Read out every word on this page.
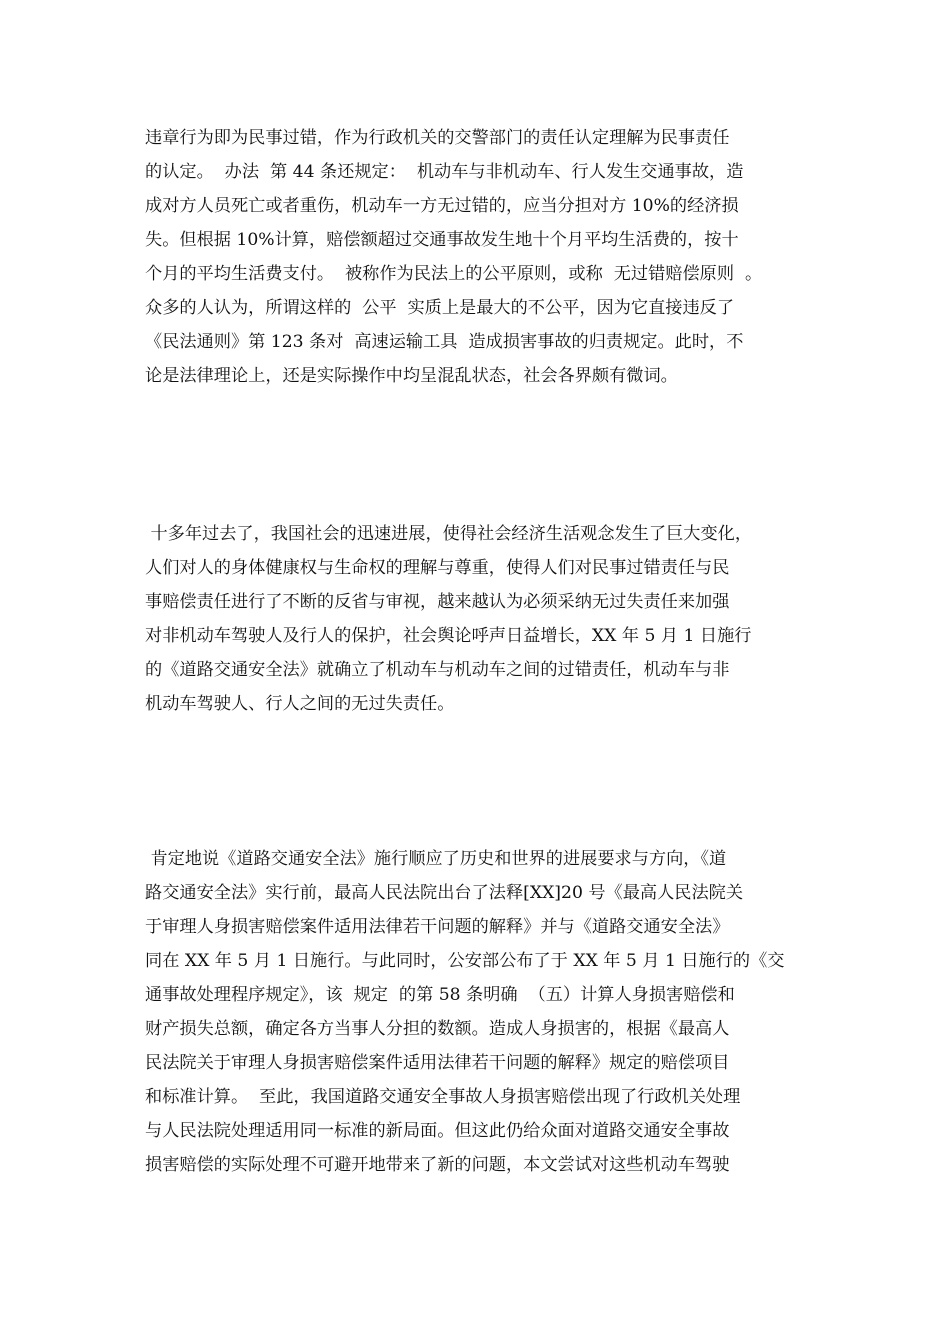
违章行为即为民事过错，作为行政机关的交警部门的责任认定理解为民事责任
的认定。  办法  第 44 条还规定：  机动车与非机动车、行人发生交通事故，造
成对方人员死亡或者重伤，机动车一方无过错的，应当分担对方 10%的经济损
失。但根据 10%计算，赔偿额超过交通事故发生地十个月平均生活费的，按十
个月的平均生活费支付。  被称作为民法上的公平原则，或称  无过错赔偿原则  。
众多的人认为，所谓这样的  公平  实质上是最大的不公平，因为它直接违反了
《民法通则》第 123 条对  高速运输工具  造成损害事故的归责规定。此时，不
论是法律理论上，还是实际操作中均呈混乱状态，社会各界颇有微词。
十多年过去了，我国社会的迅速进展，使得社会经济生活观念发生了巨大变化，
人们对人的身体健康权与生命权的理解与尊重，使得人们对民事过错责任与民
事赔偿责任进行了不断的反省与审视，越来越认为必须采纳无过失责任来加强
对非机动车驾驶人及行人的保护，社会舆论呼声日益增长，XX 年 5 月 1 日施行
的《道路交通安全法》就确立了机动车与机动车之间的过错责任，机动车与非
机动车驾驶人、行人之间的无过失责任。
肯定地说《道路交通安全法》施行顺应了历史和世界的进展要求与方向，《道
路交通安全法》实行前，最高人民法院出台了法释[XX]20 号《最高人民法院关
于审理人身损害赔偿案件适用法律若干问题的解释》并与《道路交通安全法》
同在 XX 年 5 月 1 日施行。与此同时，公安部公布了于 XX 年 5 月 1 日施行的《交
通事故处理程序规定》，该  规定  的第 58 条明确  （五）计算人身损害赔偿和
财产损失总额，确定各方当事人分担的数额。造成人身损害的，根据《最高人
民法院关于审理人身损害赔偿案件适用法律若干问题的解释》规定的赔偿项目
和标准计算。  至此，我国道路交通安全事故人身损害赔偿出现了行政机关处理
与人民法院处理适用同一标准的新局面。但这此仍给众面对道路交通安全事故
损害赔偿的实际处理不可避开地带来了新的问题，本文尝试对这些机动车驾驶
